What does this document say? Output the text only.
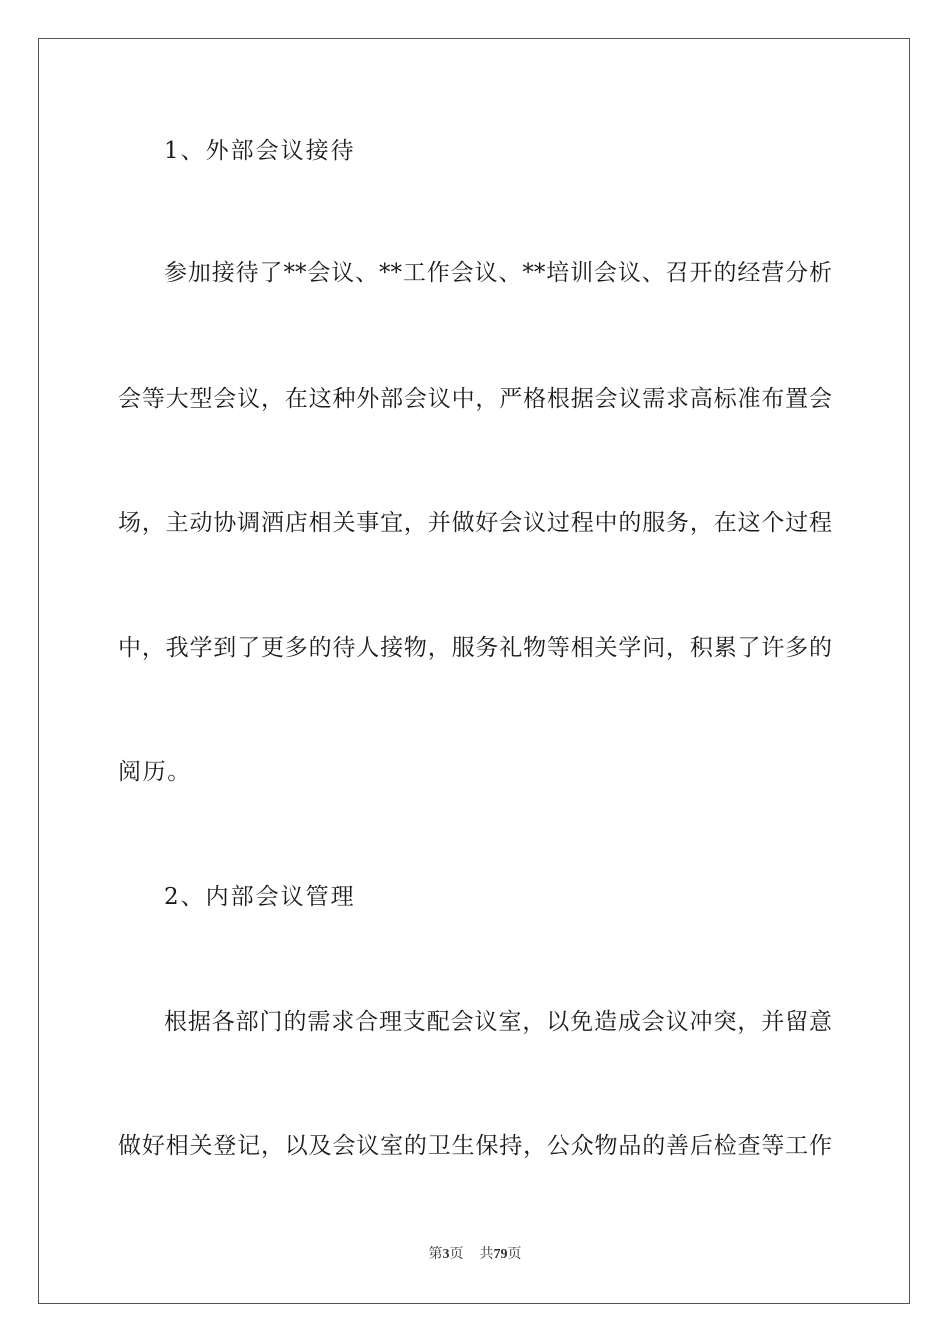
1、外部会议接待
参加接待了**会议、**工作会议、**培训会议、召开的经营分析
会等大型会议，在这种外部会议中，严格根据会议需求高标准布置会
场，主动协调酒店相关事宜，并做好会议过程中的服务，在这个过程
中，我学到了更多的待人接物，服务礼物等相关学问，积累了许多的
阅历。
2、内部会议管理
根据各部门的需求合理支配会议室，以免造成会议冲突，并留意
做好相关登记，以及会议室的卫生保持，公众物品的善后检查等工作
第3页 共79页
